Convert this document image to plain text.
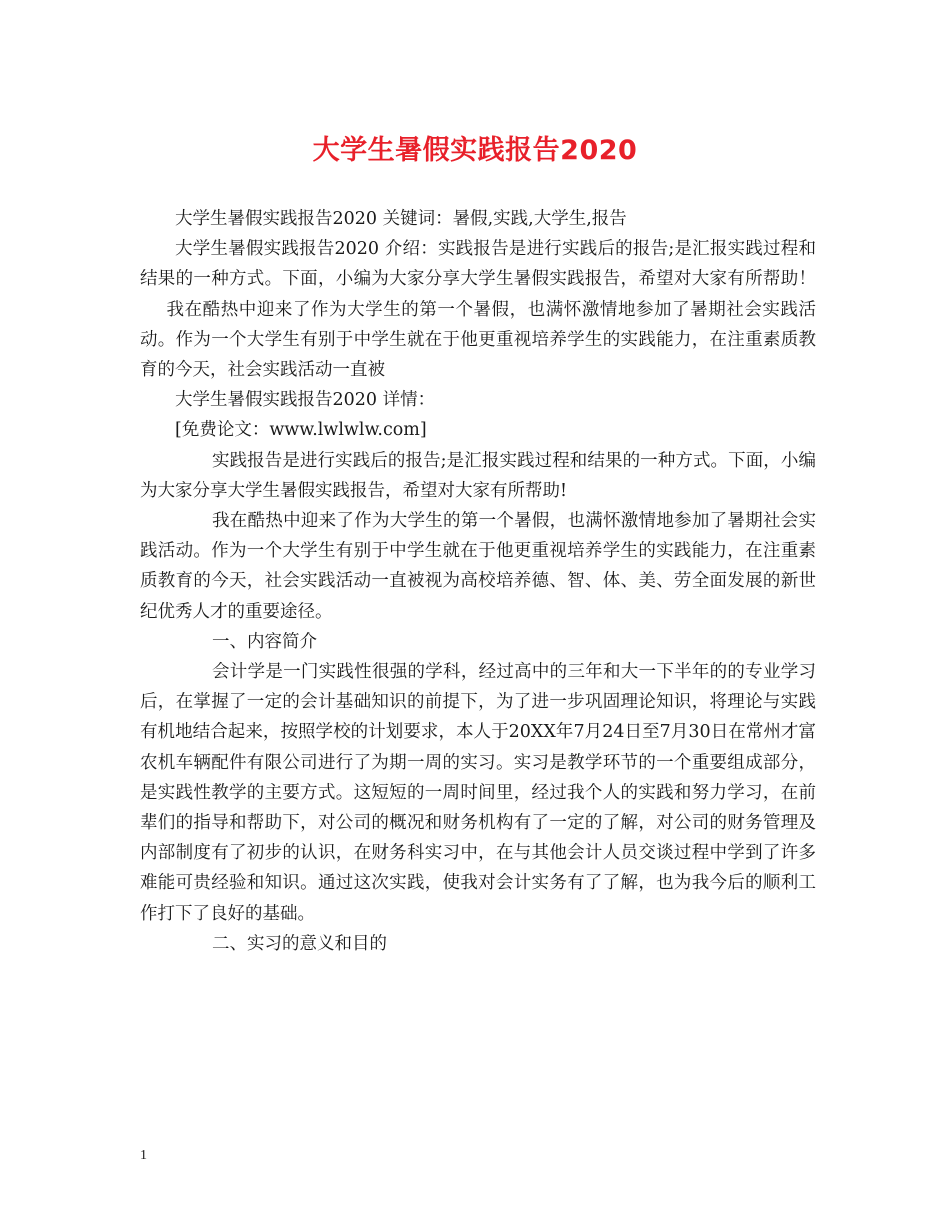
大学生暑假实践报告2020

大学生暑假实践报告2020 关键词：暑假,实践,大学生,报告

大学生暑假实践报告2020 介绍：实践报告是进行实践后的报告;是汇报实践过程和结果的一种方式。下面，小编为大家分享大学生暑假实践报告，希望对大家有所帮助！我在酷热中迎来了作为大学生的第一个暑假，也满怀激情地参加了暑期社会实践活动。作为一个大学生有别于中学生就在于他更重视培养学生的实践能力，在注重素质教育的今天，社会实践活动一直被

大学生暑假实践报告2020 详情：

[免费论文：www.lwlwlw.com]

实践报告是进行实践后的报告;是汇报实践过程和结果的一种方式。下面，小编为大家分享大学生暑假实践报告，希望对大家有所帮助!

我在酷热中迎来了作为大学生的第一个暑假，也满怀激情地参加了暑期社会实践活动。作为一个大学生有别于中学生就在于他更重视培养学生的实践能力，在注重素质教育的今天，社会实践活动一直被视为高校培养德、智、体、美、劳全面发展的新世纪优秀人才的重要途径。

一、内容简介

会计学是一门实践性很强的学科，经过高中的三年和大一下半年的的专业学习后，在掌握了一定的会计基础知识的前提下，为了进一步巩固理论知识，将理论与实践有机地结合起来，按照学校的计划要求，本人于20XX年7月24日至7月30日在常州才富农机车辆配件有限公司进行了为期一周的实习。实习是教学环节的一个重要组成部分，是实践性教学的主要方式。这短短的一周时间里，经过我个人的实践和努力学习，在前辈们的指导和帮助下，对公司的概况和财务机构有了一定的了解，对公司的财务管理及内部制度有了初步的认识，在财务科实习中，在与其他会计人员交谈过程中学到了许多难能可贵经验和知识。通过这次实践，使我对会计实务有了了解，也为我今后的顺利工作打下了良好的基础。

二、实习的意义和目的

1
